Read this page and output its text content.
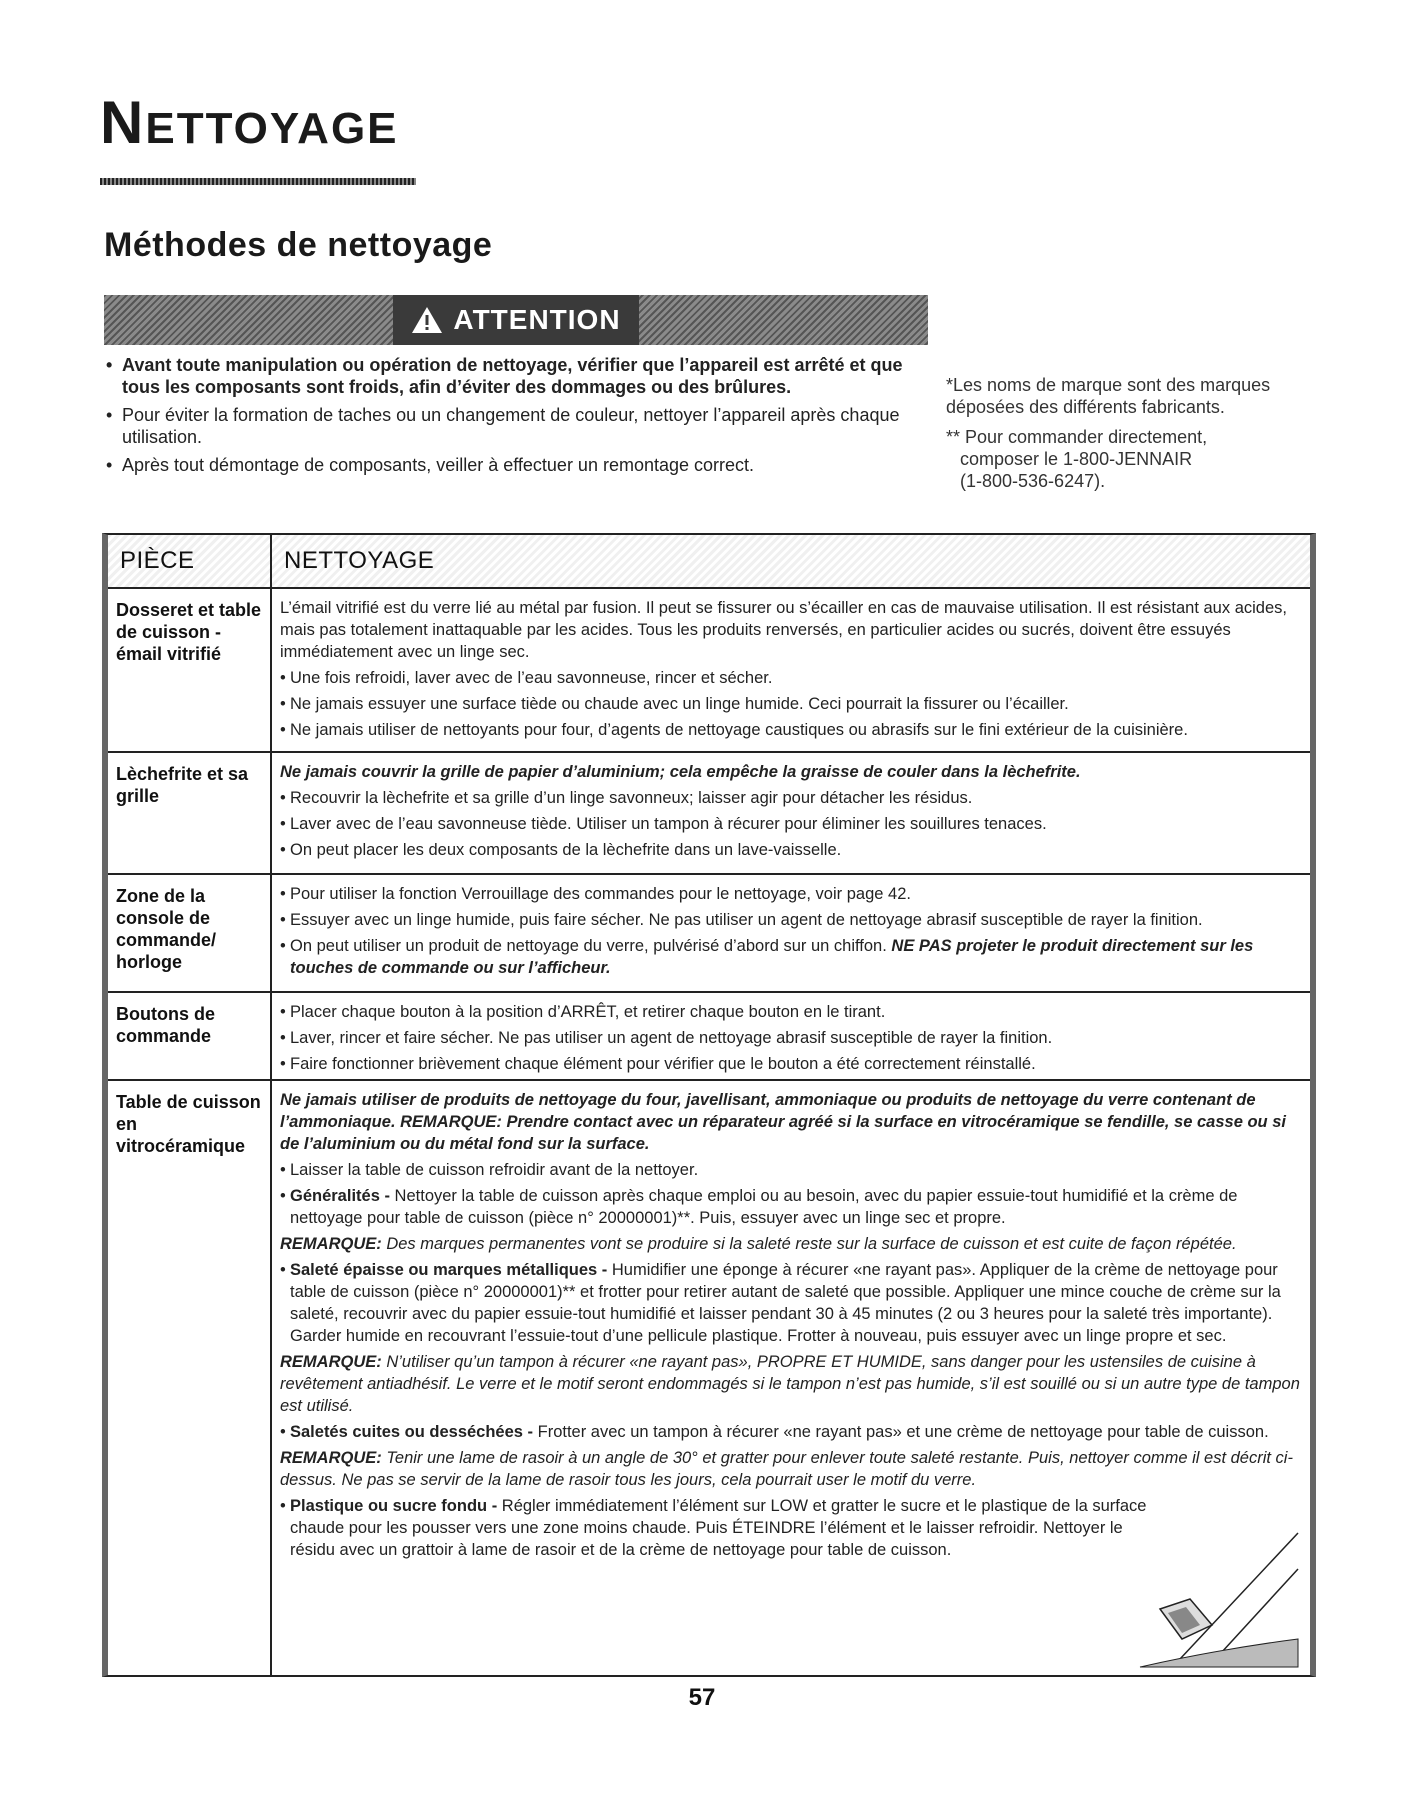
NETTOYAGE
Méthodes de nettoyage
ATTENTION
• Avant toute manipulation ou opération de nettoyage, vérifier que l’appareil est arrêté et que tous les composants sont froids, afin d’éviter des dommages ou des brûlures.
• Pour éviter la formation de taches ou un changement de couleur, nettoyer l’appareil après chaque utilisation.
• Après tout démontage de composants, veiller à effectuer un remontage correct.

*Les noms de marque sont des marques déposées des différents fabricants.

** Pour commander directement,

composer le 1-800-JENNAIR

(1-800-536-6247).

PIÈCE	NETTOYAGE
Dosseret et table de cuisson - émail vitrifié

L’émail vitrifié est du verre lié au métal par fusion. Il peut se fissurer ou s’écailler en cas de mauvaise utilisation. Il est résistant aux acides, mais pas totalement inattaquable par les acides. Tous les produits renversés, en particulier acides ou sucrés, doivent être essuyés immédiatement avec un linge sec.

• Une fois refroidi, laver avec de l’eau savonneuse, rincer et sécher.

• Ne jamais essuyer une surface tiède ou chaude avec un linge humide. Ceci pourrait la fissurer ou l’écailler.

• Ne jamais utiliser de nettoyants pour four, d’agents de nettoyage caustiques ou abrasifs sur le fini extérieur de la cuisinière.

Lèchefrite et sa grille

Ne jamais couvrir la grille de papier d’aluminium; cela empêche la graisse de couler dans la lèchefrite.

• Recouvrir la lèchefrite et sa grille d’un linge savonneux; laisser agir pour détacher les résidus.

• Laver avec de l’eau savonneuse tiède. Utiliser un tampon à récurer pour éliminer les souillures tenaces.

• On peut placer les deux composants de la lèchefrite dans un lave-vaisselle.

Zone de la console de commande/ horloge

• Pour utiliser la fonction Verrouillage des commandes pour le nettoyage, voir page 42.

• Essuyer avec un linge humide, puis faire sécher. Ne pas utiliser un agent de nettoyage abrasif susceptible de rayer la finition.

• On peut utiliser un produit de nettoyage du verre, pulvérisé d’abord sur un chiffon. NE PAS projeter le produit directement sur les touches de commande ou sur l’afficheur.

Boutons de commande

• Placer chaque bouton à la position d’ARRÊT, et retirer chaque bouton en le tirant.

• Laver, rincer et faire sécher. Ne pas utiliser un agent de nettoyage abrasif susceptible de rayer la finition.

• Faire fonctionner brièvement chaque élément pour vérifier que le bouton a été correctement réinstallé.

Table de cuisson en vitrocéramique

Ne jamais utiliser de produits de nettoyage du four, javellisant, ammoniaque ou produits de nettoyage du verre contenant de l’ammoniaque. REMARQUE: Prendre contact avec un réparateur agréé si la surface en vitrocéramique se fendille, se casse ou si de l’aluminium ou du métal fond sur la surface.

• Laisser la table de cuisson refroidir avant de la nettoyer.

• Généralités - Nettoyer la table de cuisson après chaque emploi ou au besoin, avec du papier essuie-tout humidifié et la crème de nettoyage pour table de cuisson (pièce n° 20000001)**. Puis, essuyer avec un linge sec et propre.

REMARQUE: Des marques permanentes vont se produire si la saleté reste sur la surface de cuisson et est cuite de façon répétée.

• Saleté épaisse ou marques métalliques - Humidifier une éponge à récurer «ne rayant pas». Appliquer de la crème de nettoyage pour table de cuisson (pièce n° 20000001)** et frotter pour retirer autant de saleté que possible. Appliquer une mince couche de crème sur la saleté, recouvrir avec du papier essuie-tout humidifié et laisser pendant 30 à 45 minutes (2 ou 3 heures pour la saleté très importante). Garder humide en recouvrant l’essuie-tout d’une pellicule plastique. Frotter à nouveau, puis essuyer avec un linge propre et sec.

REMARQUE: N’utiliser qu’un tampon à récurer «ne rayant pas», PROPRE ET HUMIDE, sans danger pour les ustensiles de cuisine à revêtement antiadhésif. Le verre et le motif seront endommagés si le tampon n’est pas humide, s’il est souillé ou si un autre type de tampon est utilisé.

• Saletés cuites ou desséchées - Frotter avec un tampon à récurer «ne rayant pas» et une crème de nettoyage pour table de cuisson.

REMARQUE: Tenir une lame de rasoir à un angle de 30° et gratter pour enlever toute saleté restante. Puis, nettoyer comme il est décrit ci-dessus. Ne pas se servir de la lame de rasoir tous les jours, cela pourrait user le motif du verre.

• Plastique ou sucre fondu - Régler immédiatement l’élément sur LOW et gratter le sucre et le plastique de la surface chaude pour les pousser vers une zone moins chaude. Puis ÉTEINDRE l’élément et le laisser refroidir. Nettoyer le résidu avec un grattoir à lame de rasoir et de la crème de nettoyage pour table de cuisson.

57
